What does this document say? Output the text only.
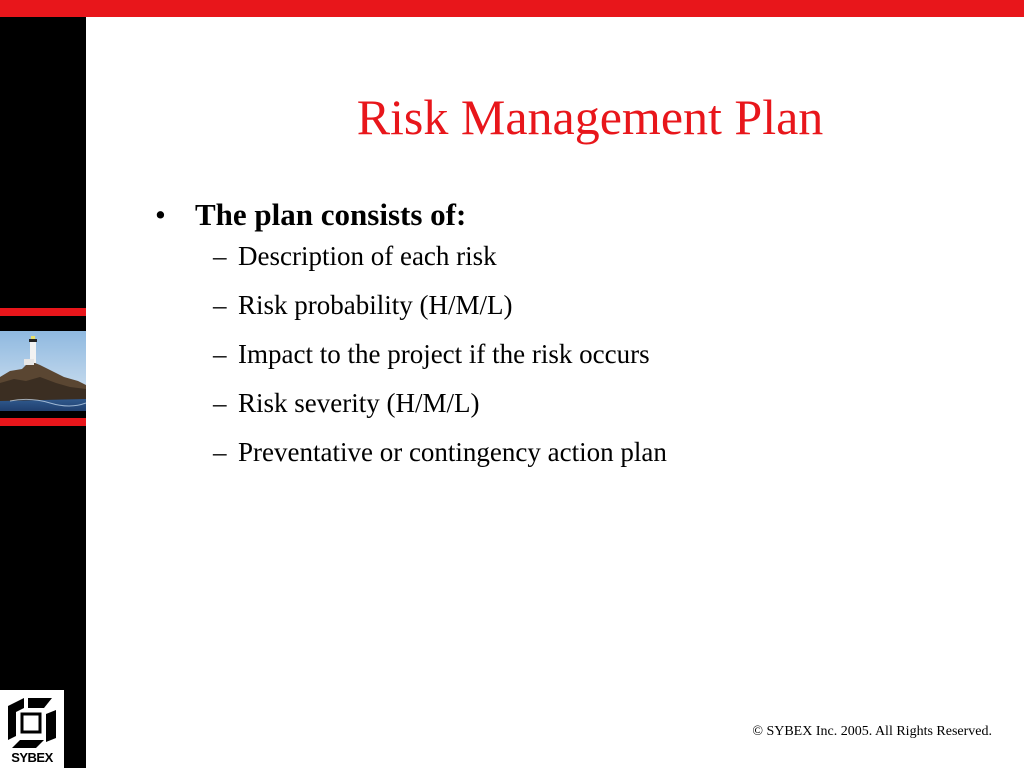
SYBEX
Risk Management Plan
• The plan consists of:
– Description of each risk
– Risk probability (H/M/L)
– Impact to the project if the risk occurs
– Risk severity (H/M/L)
– Preventative or contingency action plan
© SYBEX Inc. 2005. All Rights Reserved.
